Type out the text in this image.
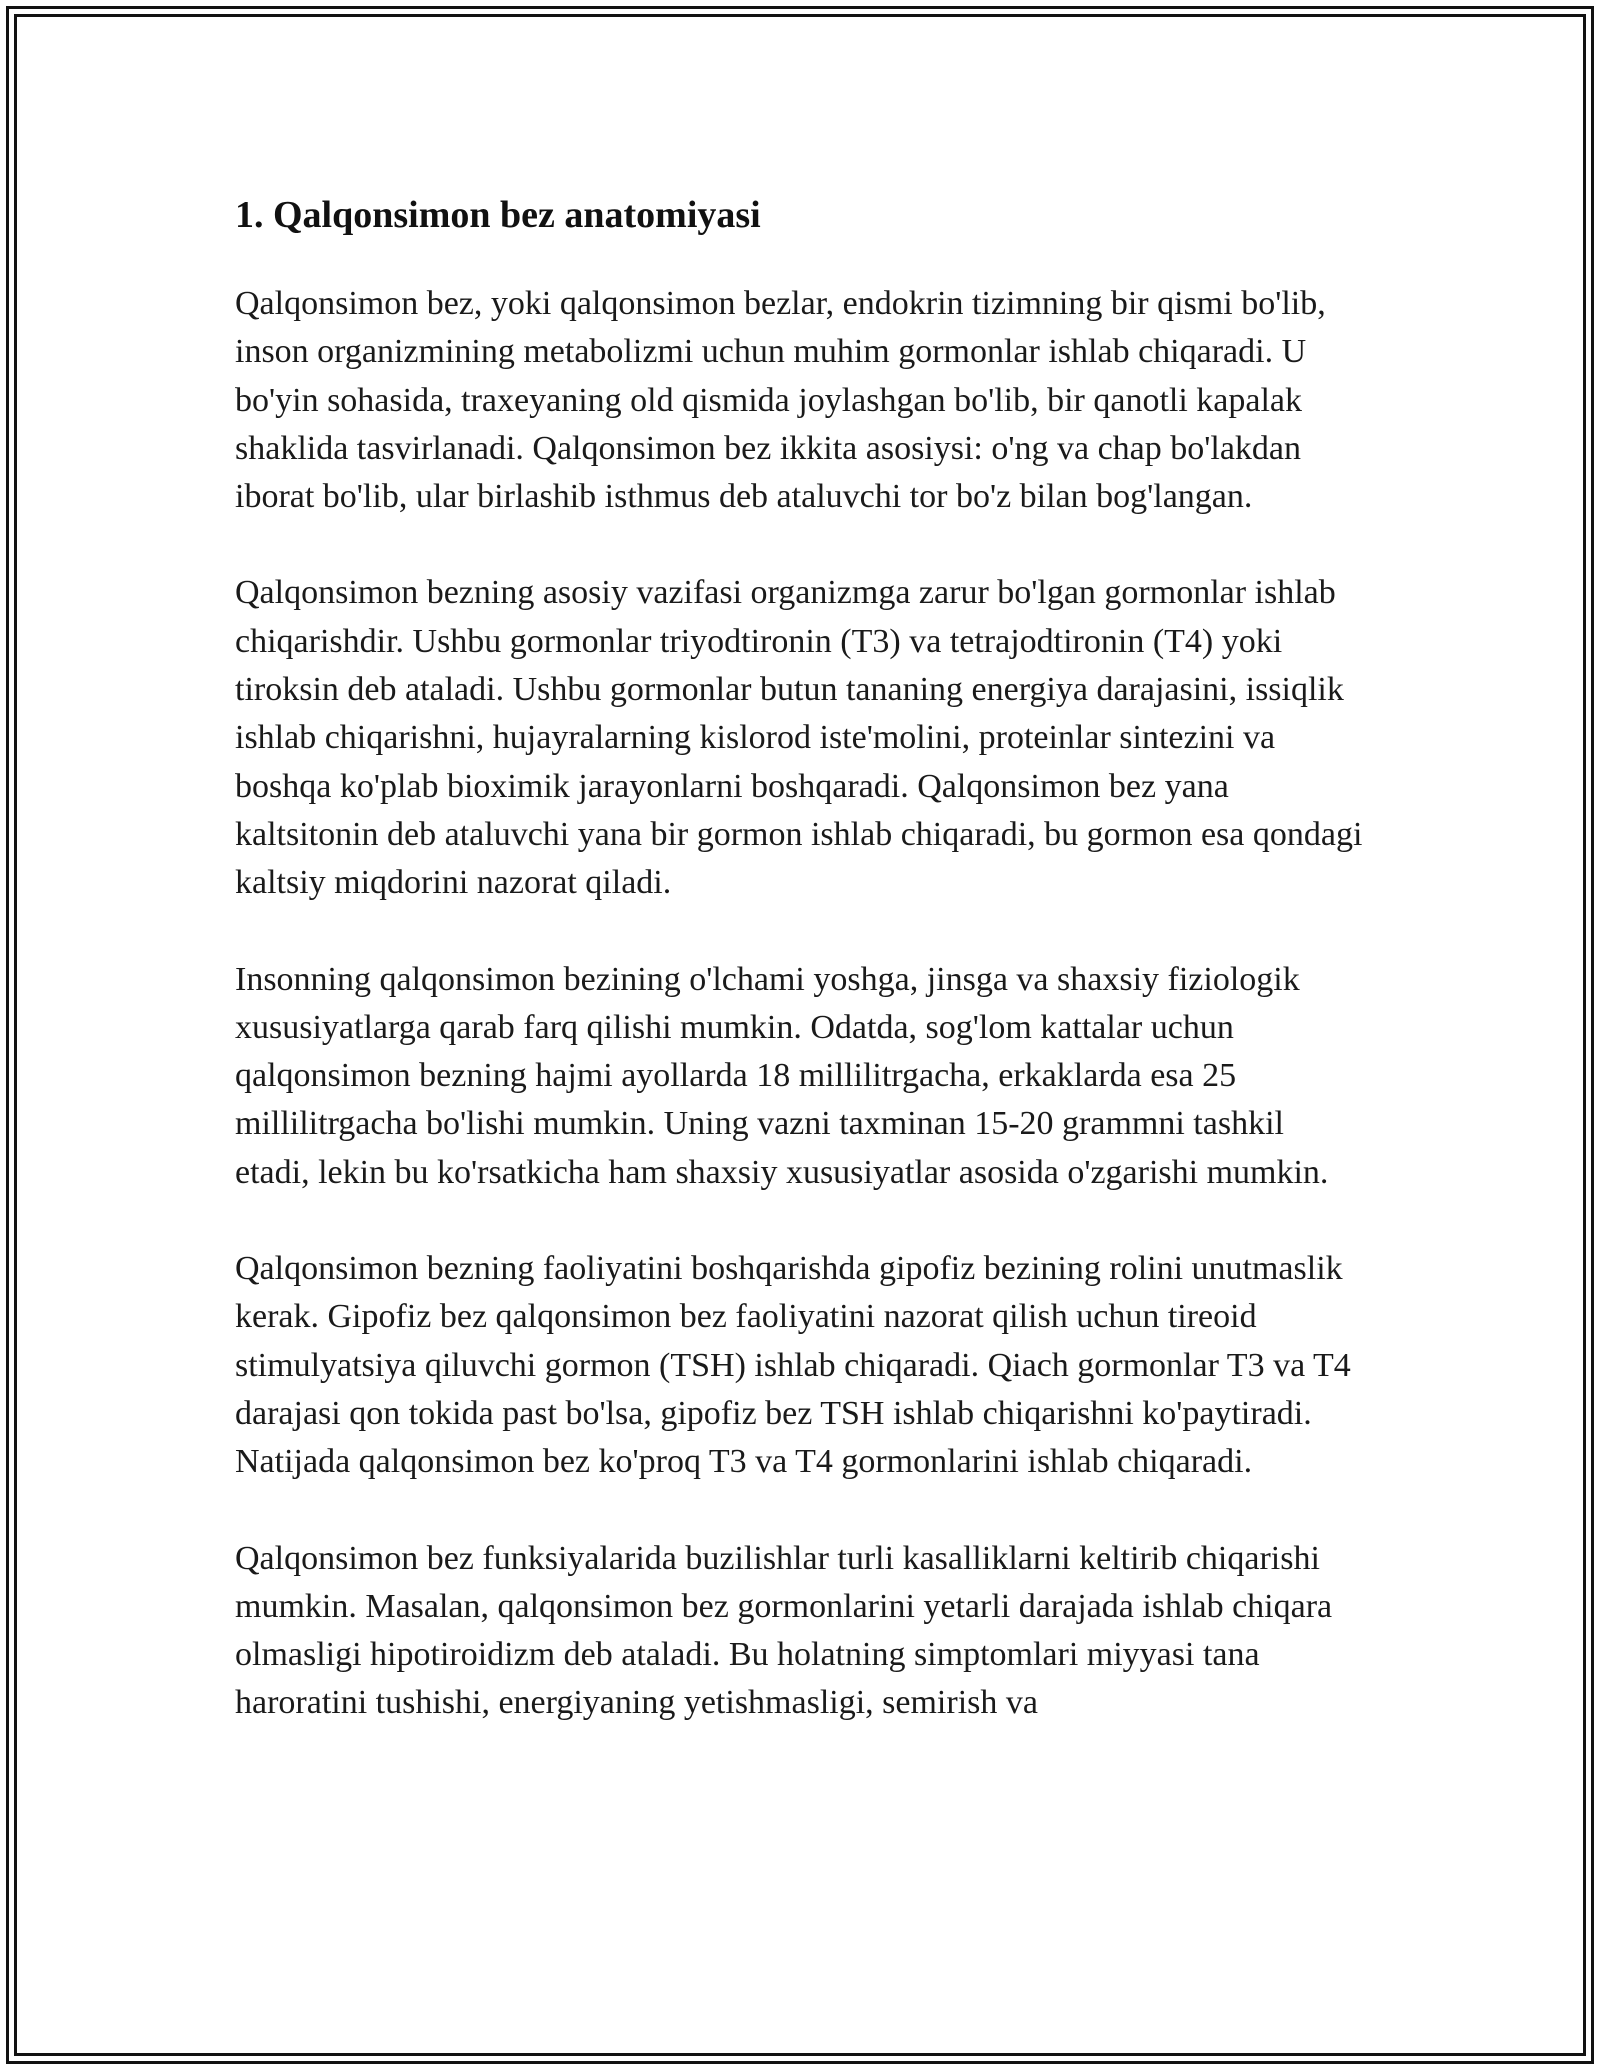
1. Qalqonsimon bez anatomiyasi

Qalqonsimon bez, yoki qalqonsimon bezlar, endokrin tizimning bir qismi bo'lib, inson organizmining metabolizmi uchun muhim gormonlar ishlab chiqaradi. U bo'yin sohasida, traxeyaning old qismida joylashgan bo'lib, bir qanotli kapalak shaklida tasvirlanadi. Qalqonsimon bez ikkita asosiysi: o'ng va chap bo'lakdan iborat bo'lib, ular birlashib isthmus deb ataluvchi tor bo'z bilan bog'langan.

Qalqonsimon bezning asosiy vazifasi organizmga zarur bo'lgan gormonlar ishlab chiqarishdir. Ushbu gormonlar triyodtironin (T3) va tetrajodtironin (T4) yoki tiroksin deb ataladi. Ushbu gormonlar butun tananing energiya darajasini, issiqlik ishlab chiqarishni, hujayralarning kislorod iste'molini, proteinlar sintezini va boshqa ko'plab bioximik jarayonlarni boshqaradi. Qalqonsimon bez yana kaltsitonin deb ataluvchi yana bir gormon ishlab chiqaradi, bu gormon esa qondagi kaltsiy miqdorini nazorat qiladi.

Insonning qalqonsimon bezining o'lchami yoshga, jinsga va shaxsiy fiziologik xususiyatlarga qarab farq qilishi mumkin. Odatda, sog'lom kattalar uchun qalqonsimon bezning hajmi ayollarda 18 millilitrgacha, erkaklarda esa 25 millilitrgacha bo'lishi mumkin. Uning vazni taxminan 15-20 grammni tashkil etadi, lekin bu ko'rsatkicha ham shaxsiy xususiyatlar asosida o'zgarishi mumkin.

Qalqonsimon bezning faoliyatini boshqarishda gipofiz bezining rolini unutmaslik kerak. Gipofiz bez qalqonsimon bez faoliyatini nazorat qilish uchun tireoid stimulyatsiya qiluvchi gormon (TSH) ishlab chiqaradi. Qiach gormonlar T3 va T4 darajasi qon tokida past bo'lsa, gipofiz bez TSH ishlab chiqarishni ko'paytiradi. Natijada qalqonsimon bez ko'proq T3 va T4 gormonlarini ishlab chiqaradi.

Qalqonsimon bez funksiyalarida buzilishlar turli kasalliklarni keltirib chiqarishi mumkin. Masalan, qalqonsimon bez gormonlarini yetarli darajada ishlab chiqara olmasligi hipotiroidizm deb ataladi. Bu holatning simptomlari miyyasi tana haroratini tushishi, energiyaning yetishmasligi, semirish va
